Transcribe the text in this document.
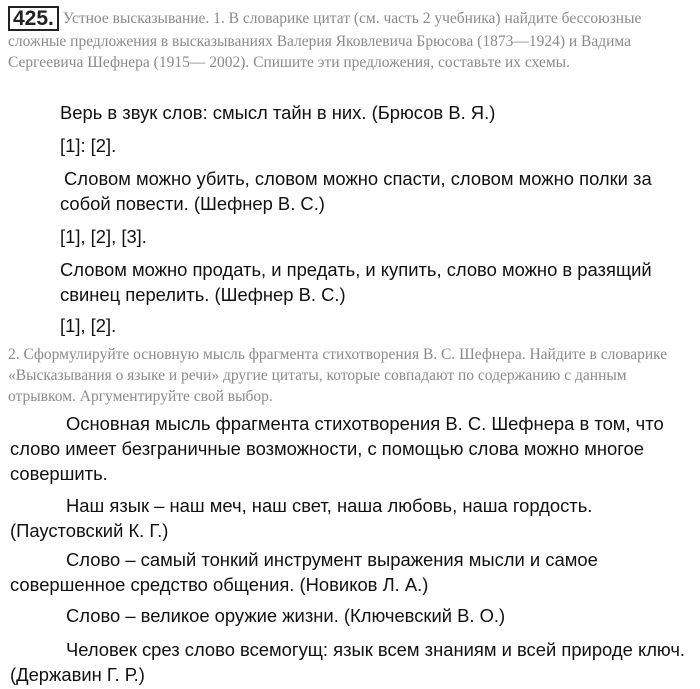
425. Устное высказывание. 1. В словарике цитат (см. часть 2 учебника) найдите бессоюзные сложные предложения в высказываниях Валерия Яковлевича Брюсова (1873—1924) и Вадима Сергеевича Шефнера (1915— 2002). Спишите эти предложения, составьте их схемы.
Верь в звук слов: смысл тайн в них. (Брюсов В. Я.)
[1]: [2].
Словом можно убить, словом можно спасти, словом можно полки за собой повести. (Шефнер В. С.)
[1], [2], [3].
Словом можно продать, и предать, и купить, слово можно в разящий свинец перелить. (Шефнер В. С.)
[1], [2].
2. Сформулируйте основную мысль фрагмента стихотворения В. С. Шефнера. Найдите в словарике «Высказывания о языке и речи» другие цитаты, которые совпадают по содержанию с данным отрывком. Аргументируйте свой выбор.
Основная мысль фрагмента стихотворения В. С. Шефнера в том, что слово имеет безграничные возможности, с помощью слова можно многое совершить.
Наш язык – наш меч, наш свет, наша любовь, наша гордость. (Паустовский К. Г.)
Слово – самый тонкий инструмент выражения мысли и самое совершенное средство общения. (Новиков Л. А.)
Слово – великое оружие жизни. (Ключевский В. О.)
Человек срез слово всемогущ: язык всем знаниям и всей природе ключ. (Державин Г. Р.)
